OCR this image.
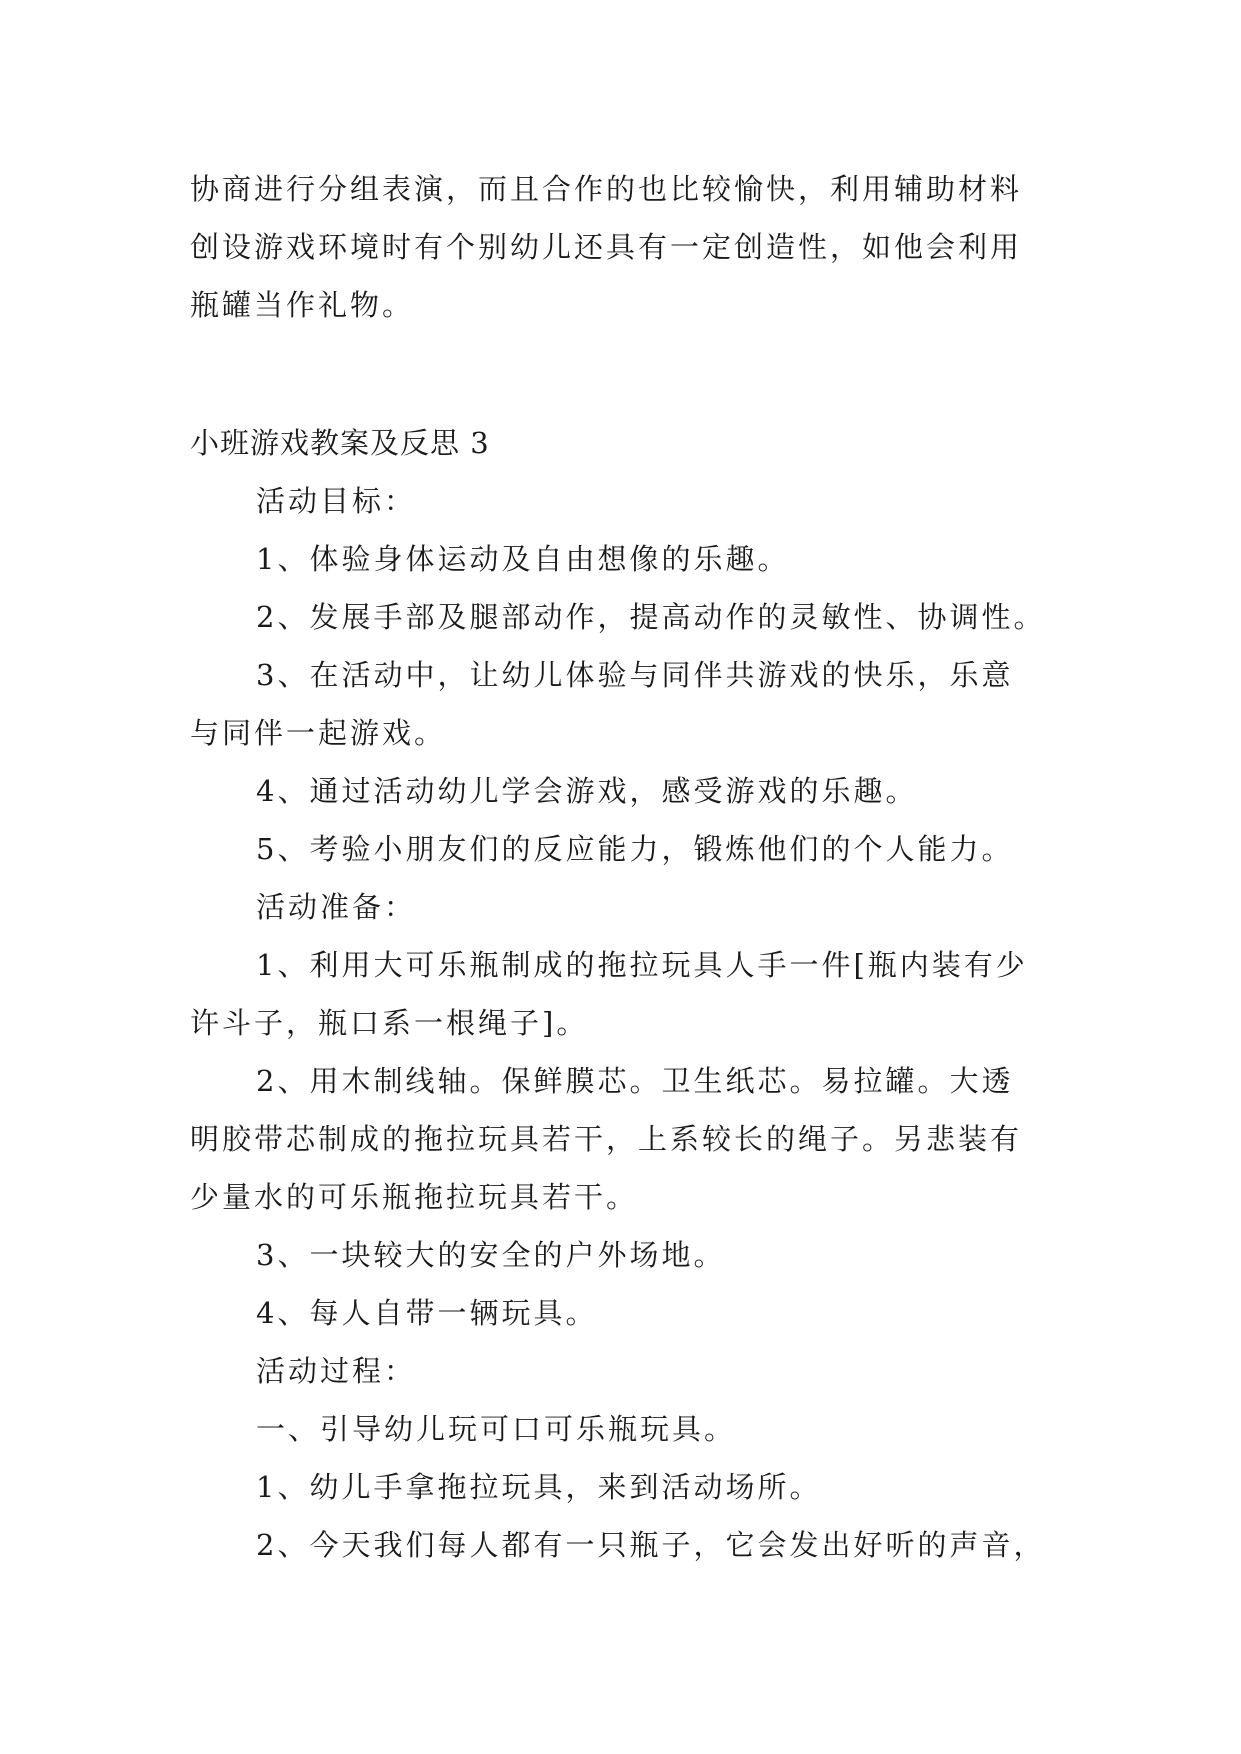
协商进行分组表演，而且合作的也比较愉快，利用辅助材料
创设游戏环境时有个别幼儿还具有一定创造性，如他会利用
瓶罐当作礼物。
小班游戏教案及反思 3
活动目标：
1、体验身体运动及自由想像的乐趣。
2、发展手部及腿部动作，提高动作的灵敏性、协调性。
3、在活动中，让幼儿体验与同伴共游戏的快乐，乐意
与同伴一起游戏。
4、通过活动幼儿学会游戏，感受游戏的乐趣。
5、考验小朋友们的反应能力，锻炼他们的个人能力。
活动准备：
1、利用大可乐瓶制成的拖拉玩具人手一件[瓶内装有少
许斗子，瓶口系一根绳子]。
2、用木制线轴。保鲜膜芯。卫生纸芯。易拉罐。大透
明胶带芯制成的拖拉玩具若干，上系较长的绳子。另悲装有
少量水的可乐瓶拖拉玩具若干。
3、一块较大的安全的户外场地。
4、每人自带一辆玩具。
活动过程：
一、引导幼儿玩可口可乐瓶玩具。
1、幼儿手拿拖拉玩具，来到活动场所。
2、今天我们每人都有一只瓶子，它会发出好听的声音，
